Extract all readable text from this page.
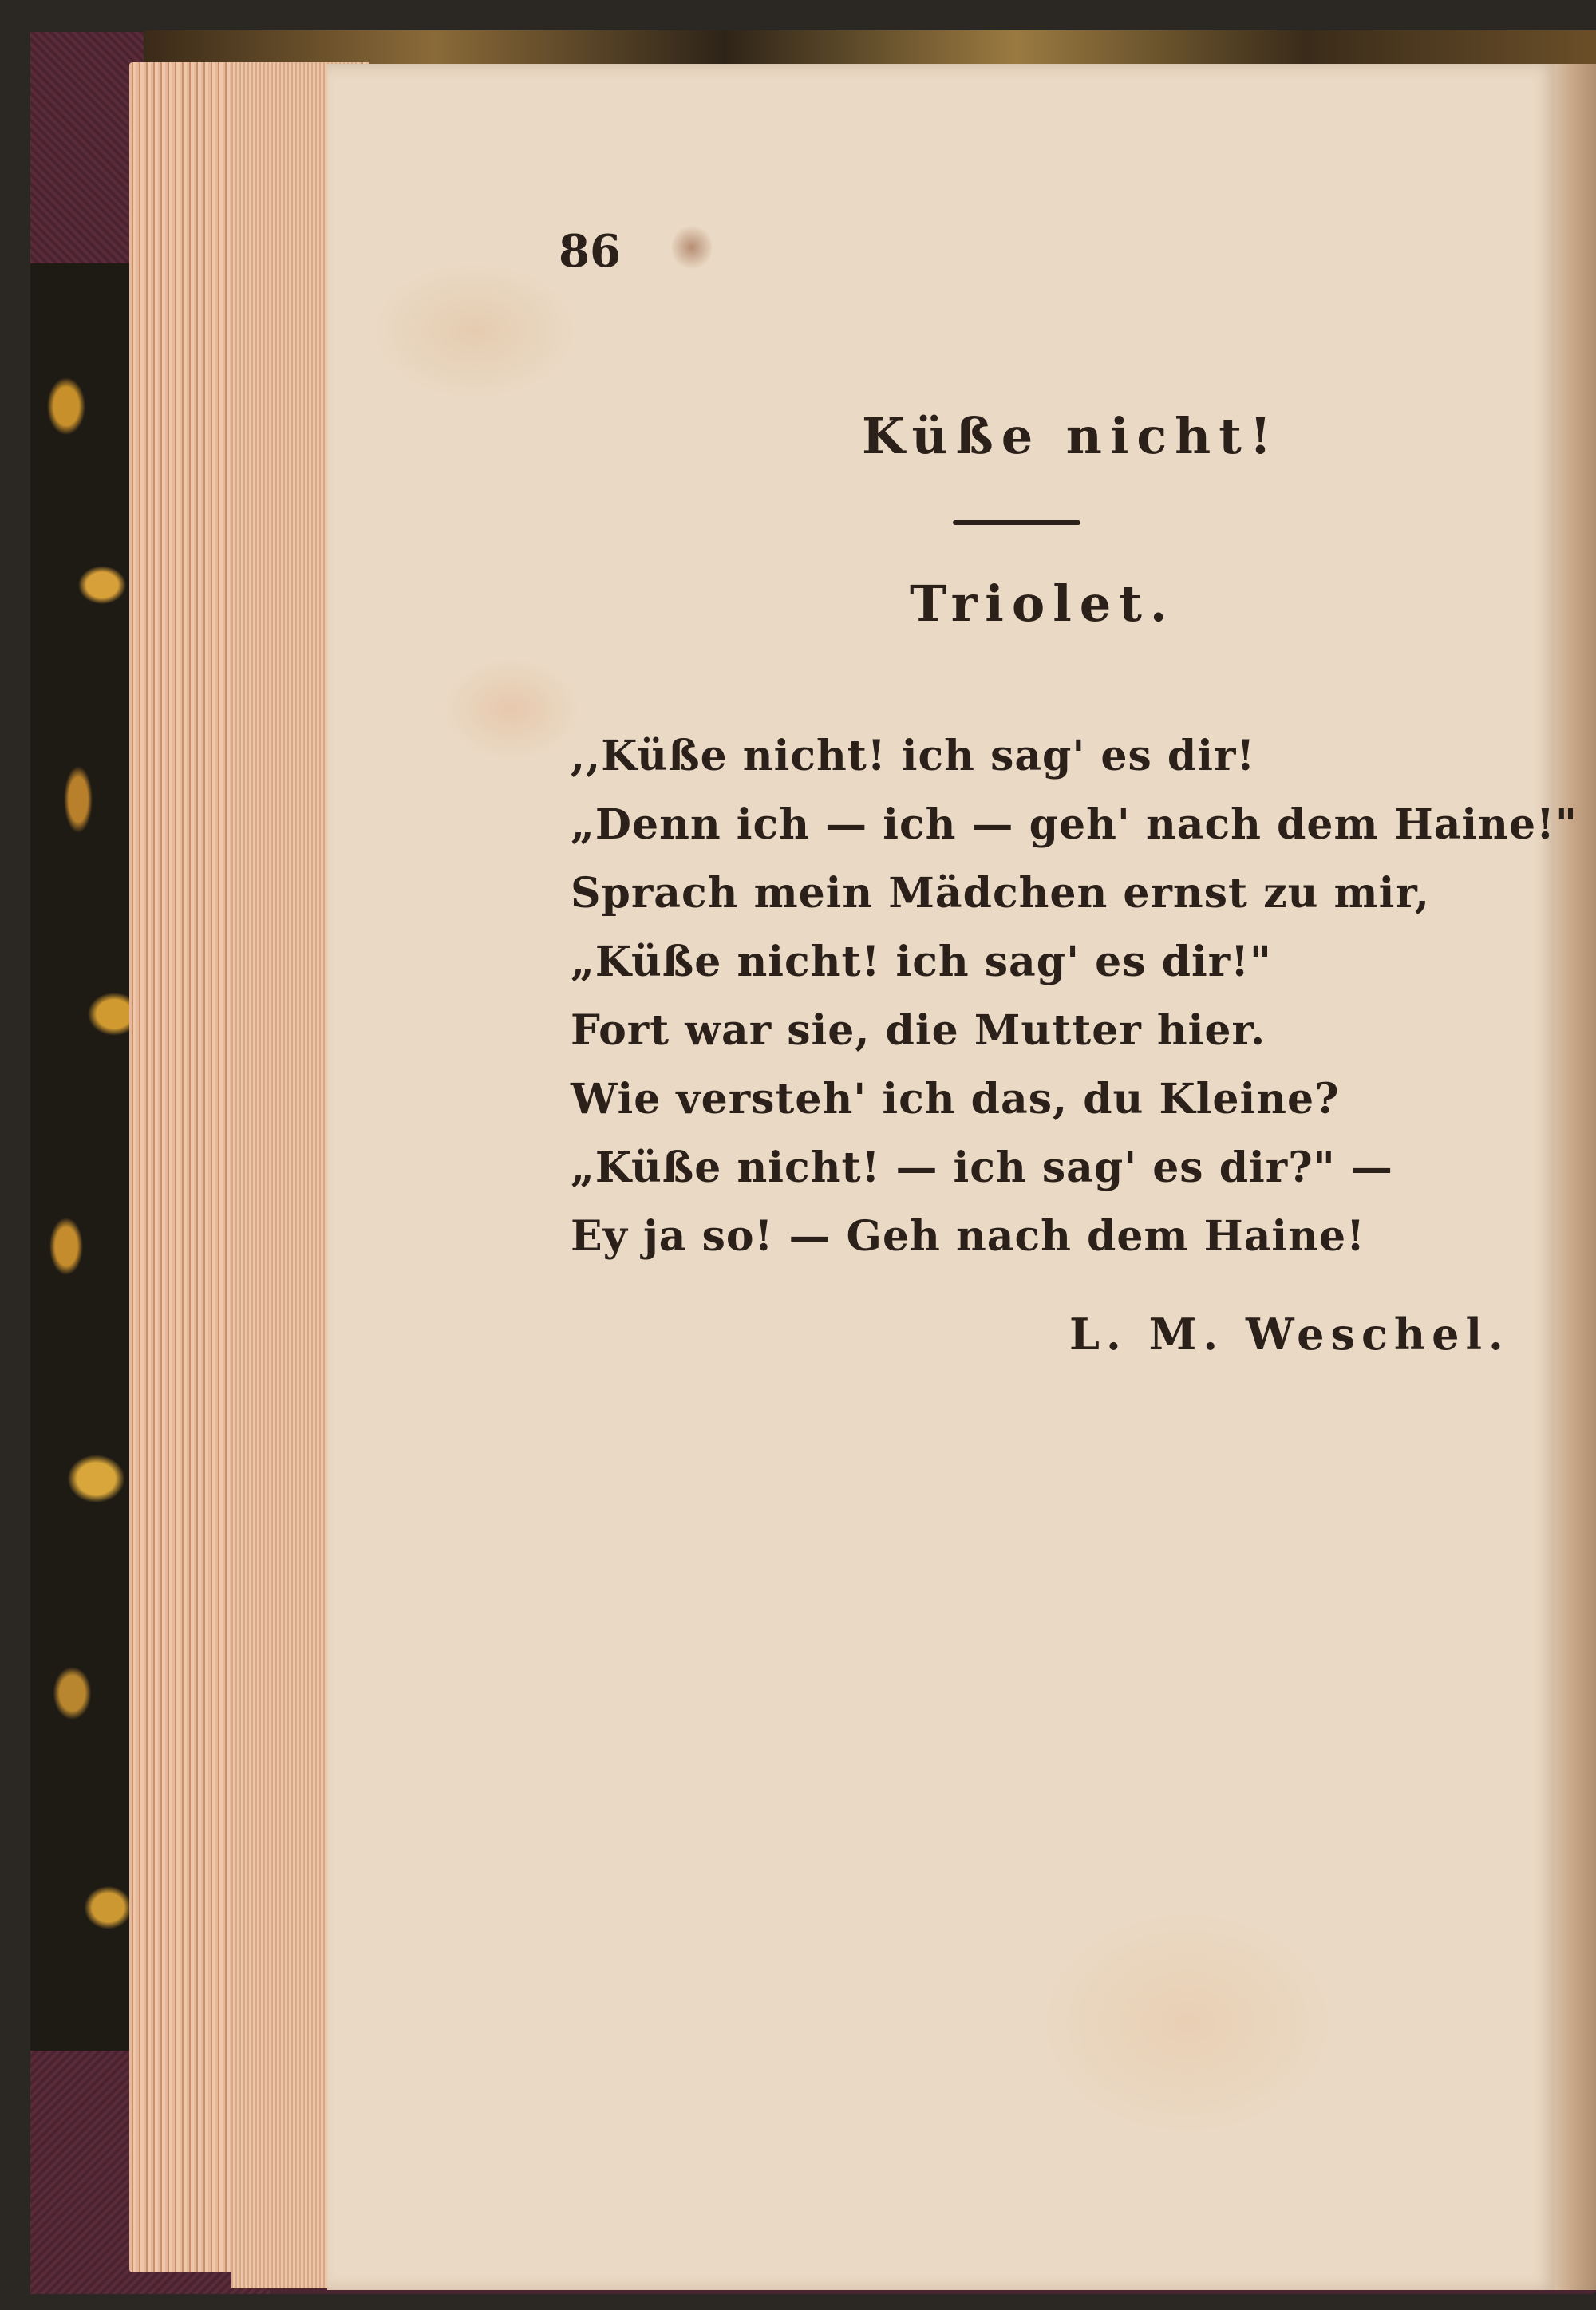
86
Küße nicht!
Triolet.
,,Küße nicht! ich sag' es dir!
„Denn ich — ich — geh' nach dem Haine!"
Sprach mein Mädchen ernst zu mir,
„Küße nicht! ich sag' es dir!"
Fort war sie, die Mutter hier.
Wie versteh' ich das, du Kleine?
„Küße nicht! — ich sag' es dir?" —
Ey ja so! — Geh nach dem Haine!
L. M. Weschel.
